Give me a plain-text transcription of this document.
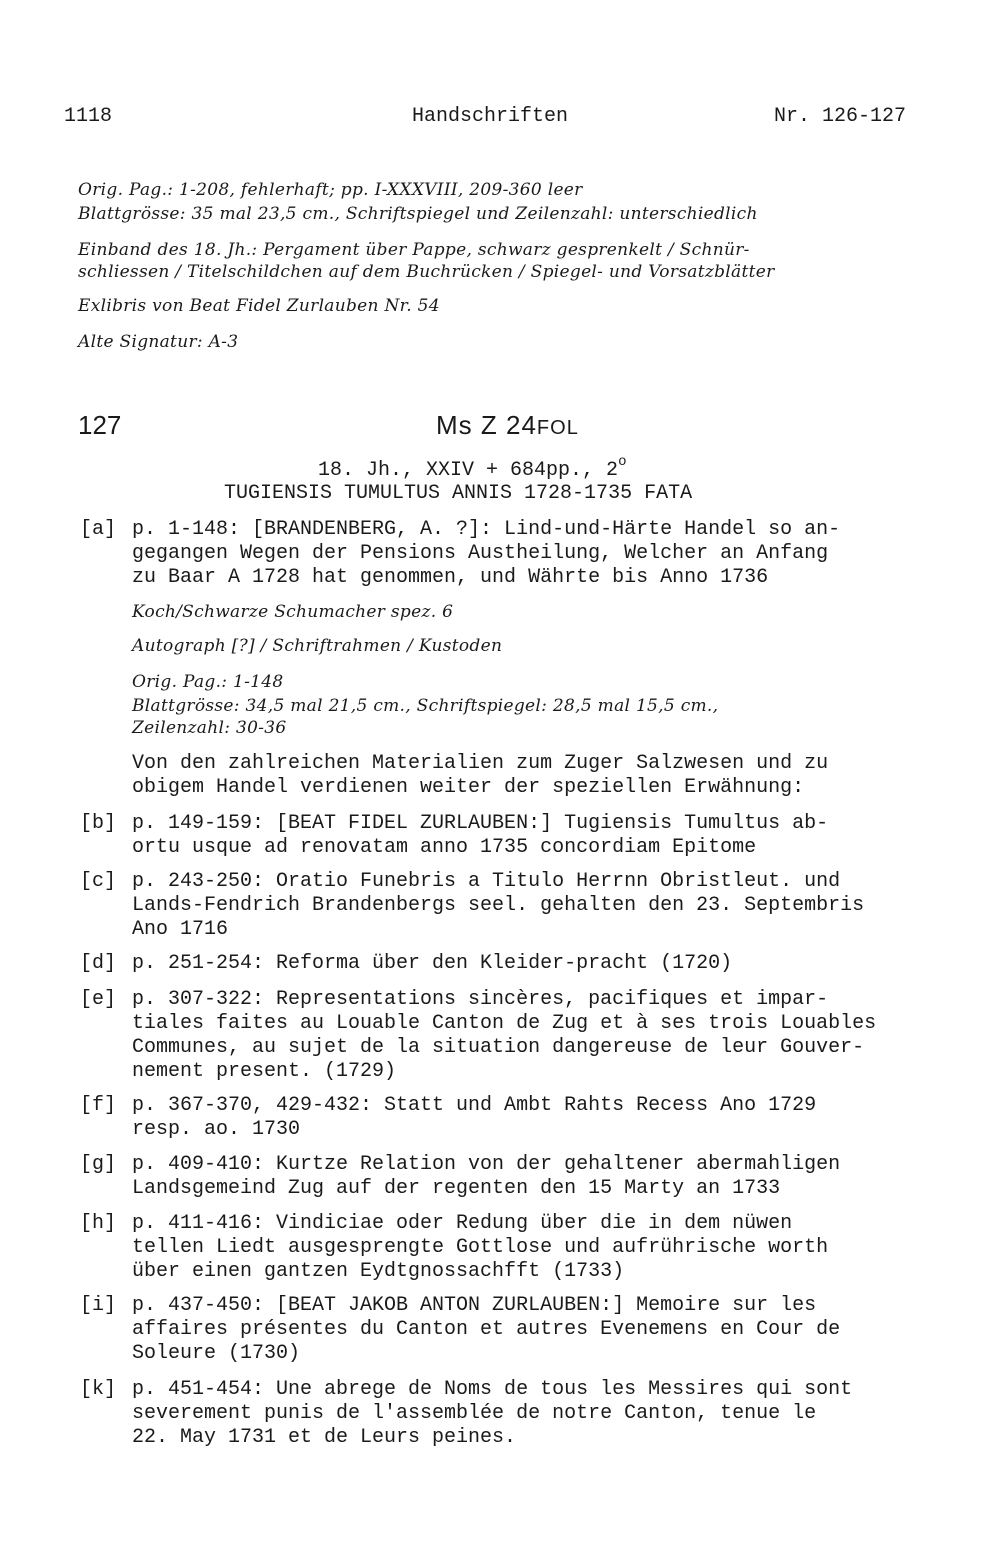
1118	Handschriften	Nr. 126-127
Orig. Pag.: 1-208, fehlerhaft; pp. I-XXXVIII, 209-360 leer
Blattgrösse: 35 mal 23,5 cm., Schriftspiegel und Zeilenzahl: unterschiedlich
Einband des 18. Jh.: Pergament über Pappe, schwarz gesprenkelt / Schnür-
schliessen / Titelschildchen auf dem Buchrücken / Spiegel- und Vorsatzblätter
Exlibris von Beat Fidel Zurlauben Nr. 54
Alte Signatur: A-3
127	Ms Z 24FOL
18. Jh., XXIV + 684pp., 2$^o$
TUGIENSIS TUMULTUS ANNIS 1728-1735 FATA
[a] p. 1-148: [BRANDENBERG, A. ?]: Lind-und-Härte Handel so an-
gegangen Wegen der Pensions Austheilung, Welcher an Anfang
zu Baar A 1728 hat genommen, und Währte bis Anno 1736
Koch/Schwarze Schumacher spez. 6
Autograph [?] / Schriftrahmen / Kustoden
Orig. Pag.: 1-148
Blattgrösse: 34,5 mal 21,5 cm., Schriftspiegel: 28,5 mal 15,5 cm.,
Zeilenzahl: 30-36
Von den zahlreichen Materialien zum Zuger Salzwesen und zu
obigem Handel verdienen weiter der speziellen Erwähnung:
[b] p. 149-159: [BEAT FIDEL ZURLAUBEN:] Tugiensis Tumultus ab-
ortu usque ad renovatam anno 1735 concordiam Epitome
[c] p. 243-250: Oratio Funebris a Titulo Herrnn Obristleut. und
Lands-Fendrich Brandenbergs seel. gehalten den 23. Septembris
Ano 1716
[d] p. 251-254: Reforma über den Kleider-pracht (1720)
[e] p. 307-322: Representations sincères, pacifiques et impar-
tiales faites au Louable Canton de Zug et à ses trois Louables
Communes, au sujet de la situation dangereuse de leur Gouver-
nement present. (1729)
[f] p. 367-370, 429-432: Statt und Ambt Rahts Recess Ano 1729
resp. ao. 1730
[g] p. 409-410: Kurtze Relation von der gehaltener abermahligen
Landsgemeind Zug auf der regenten den 15 Marty an 1733
[h] p. 411-416: Vindiciae oder Redung über die in dem nüwen
tellen Liedt ausgesprengte Gottlose und aufrührische worth
über einen gantzen Eydtgnossachfft (1733)
[i] p. 437-450: [BEAT JAKOB ANTON ZURLAUBEN:] Memoire sur les
affaires présentes du Canton et autres Evenemens en Cour de
Soleure (1730)
[k] p. 451-454: Une abrege de Noms de tous les Messires qui sont
severement punis de l'assemblée de notre Canton, tenue le
22. May 1731 et de Leurs peines.
